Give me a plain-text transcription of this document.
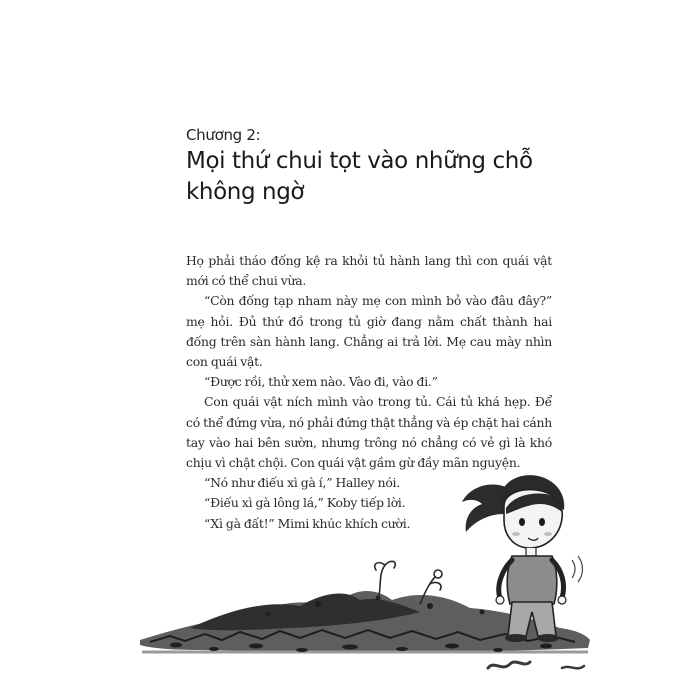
Chương 2:
Mọi thứ chui tọt vào những chỗ không ngờ

Họ phải tháo đống kệ ra khỏi tủ hành lang thì con quái vật mới có thể chui vừa.

“Còn đống tạp nham này mẹ con mình bỏ vào đâu đây?” mẹ hỏi. Đủ thứ đồ trong tủ giờ đang nằm chất thành hai đống trên sàn hành lang. Chẳng ai trả lời. Mẹ cau mày nhìn con quái vật.

“Được rồi, thử xem nào. Vào đi, vào đi.”

Con quái vật ních mình vào trong tủ. Cái tủ khá hẹp. Để có thể đứng vừa, nó phải đứng thật thẳng và ép chặt hai cánh tay vào hai bên sườn, nhưng trông nó chẳng có vẻ gì là khó chịu vì chật chội. Con quái vật gầm gừ đầy mãn nguyện.

“Nó như điếu xì gà í,” Halley nói.

“Điếu xì gà lông lá,” Koby tiếp lời.

“Xì gà đất!” Mimi khúc khích cười.
